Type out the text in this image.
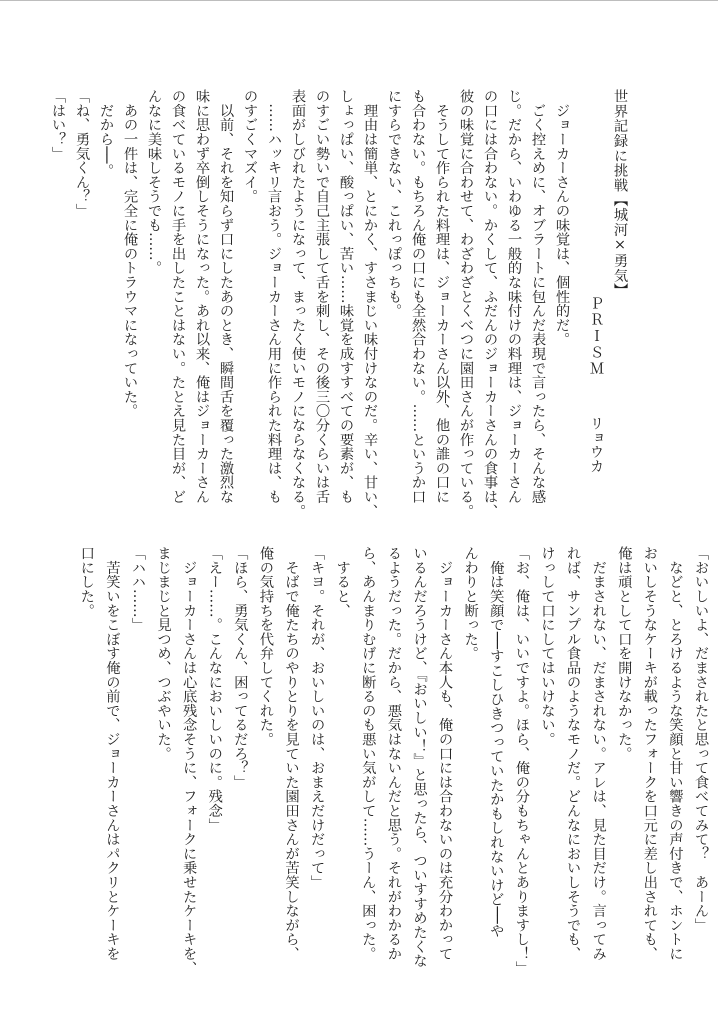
世界記録に挑戦【城河×勇気】
ＰＲＩＳＭリョウカ
　ジョーカーさんの味覚は、個性的だ。
　ごく控えめに、オブラートに包んだ表現で言ったら、そんな感
じ。だから、いわゆる一般的な味付けの料理は、ジョーカーさん
の口には合わない。かくして、ふだんのジョーカーさんの食事は、
彼の味覚に合わせて、わざわざとくべつに園田さんが作っている。
　そうして作られた料理は、ジョーカーさん以外、他の誰の口に
も合わない。もちろん俺の口にも全然合わない。……というか口
にすらできない、これっぽっちも。
　理由は簡単、とにかく、すさまじい味付けなのだ。辛い、甘い、
しょっぱい、酸っぱい、苦い……味覚を成すすべての要素が、も
のすごい勢いで自己主張して舌を刺し、その後三〇分くらいは舌
表面がしびれたようになって、まったく使いモノにならなくなる。
　……ハッキリ言おう。ジョーカーさん用に作られた料理は、も
のすごくマズイ。
　以前、それを知らず口にしたあのとき、瞬間舌を覆った激烈な
味に思わず卒倒しそうになった。あれ以来、俺はジョーカーさん
の食べているモノに手を出したことはない。たとえ見た目が、ど
んなに美味しそうでも……。
　あの一件は、完全に俺のトラウマになっていた。
　だから──。
「ね、勇気くん？」
「はい？」
「おいしいよ、だまされたと思って食べてみて？　あーん」
　などと、とろけるような笑顔と甘い響きの声付きで、ホントに
おいしそうなケーキが載ったフォークを口元に差し出されても、
俺は頑として口を開けなかった。
　だまされない、だまされない。アレは、見た目だけ。言ってみ
れば、サンプル食品のようなモノだ。どんなにおいしそうでも、
けっして口にしてはいけない。
「お、俺は、いいですよ。ほら、俺の分もちゃんとありますし！」
　俺は笑顔で──すこしひきつっていたかもしれないけど──や
んわりと断った。
　ジョーカーさん本人も、俺の口には合わないのは充分わかって
いるんだろうけど、『おいしい！』と思ったら、ついすすめたくな
るようだった。だから、悪気はないんだと思う。それがわかるか
ら、あんまりむげに断るのも悪い気がして……うーん、困った。
　すると、
「キヨ。それが、おいしいのは、おまえだけだって」
　そばで俺たちのやりとりを見ていた園田さんが苦笑しながら、
俺の気持ちを代弁してくれた。
「ほら、勇気くん、困ってるだろ？」
「えー……。こんなにおいしいのに。残念」
　ジョーカーさんは心底残念そうに、フォークに乗せたケーキを、
まじまじと見つめ、つぶやいた。
「ハハ……」
　苦笑いをこぼす俺の前で、ジョーカーさんはパクリとケーキを
口にした。
